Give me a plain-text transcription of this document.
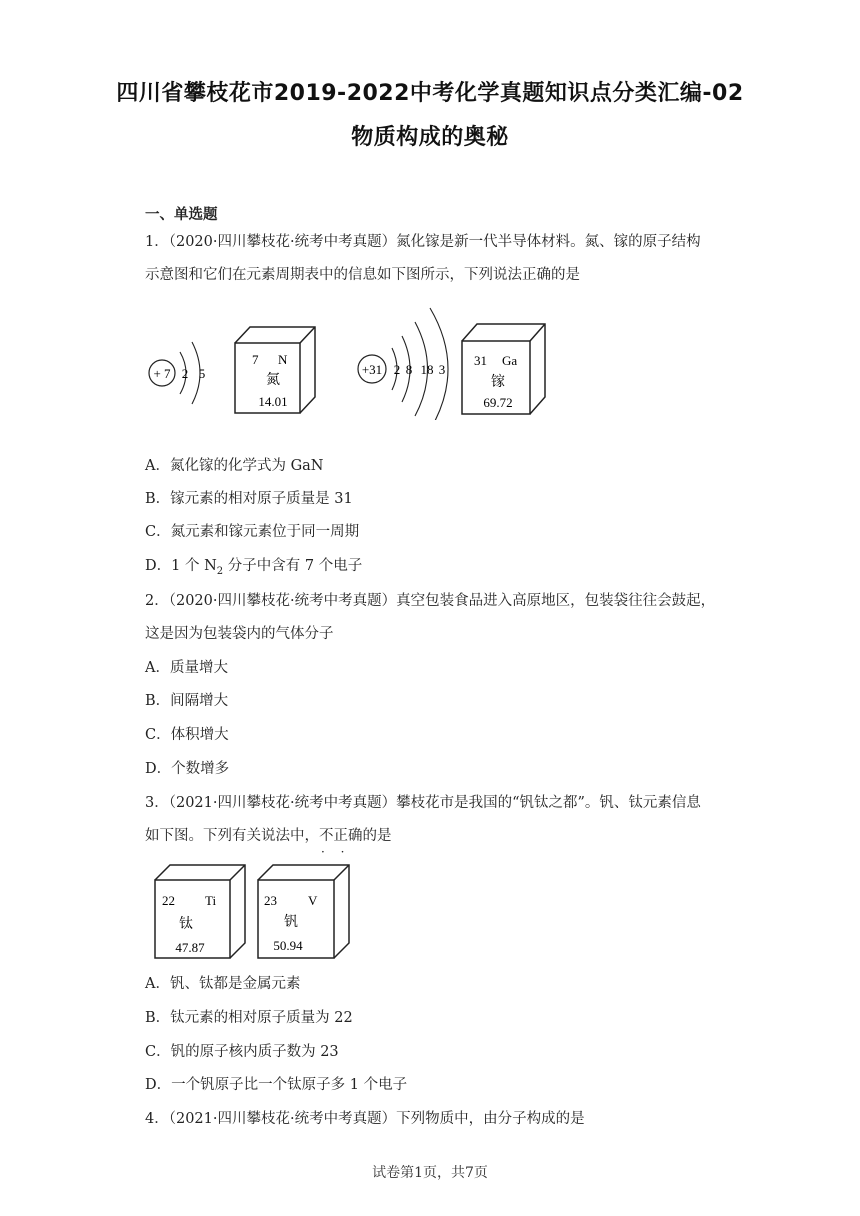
四川省攀枝花市2019-2022中考化学真题知识点分类汇编-02
物质构成的奥秘
一、单选题
1．（2020·四川攀枝花·统考中考真题）氮化镓是新一代半导体材料。氮、镓的原子结构
示意图和它们在元素周期表中的信息如下图所示，下列说法正确的是
+ 7 2 5
7 N
氮
14.01
+31 2 8 18 3
31 Ga
镓
69.72
A．氮化镓的化学式为 GaN
B．镓元素的相对原子质量是 31
C．氮元素和镓元素位于同一周期
D．1 个 $N_2$ 分子中含有 7 个电子
2．（2020·四川攀枝花·统考中考真题）真空包装食品进入高原地区，包装袋往往会鼓起，
这是因为包装袋内的气体分子
A．质量增大
B．间隔增大
C．体积增大
D．个数增多
3．（2021·四川攀枝花·统考中考真题）攀枝花市是我国的“钒钛之都”。钒、钛元素信息
如下图。下列有关说法中，不正确 · ·的是
22 Ti
钛
47.87
23 V
钒
50.94
A．钒、钛都是金属元素
B．钛元素的相对原子质量为 22
C．钒的原子核内质子数为 23
D．一个钒原子比一个钛原子多 1 个电子
4．（2021·四川攀枝花·统考中考真题）下列物质中，由分子构成的是
试卷第1页，共7页
